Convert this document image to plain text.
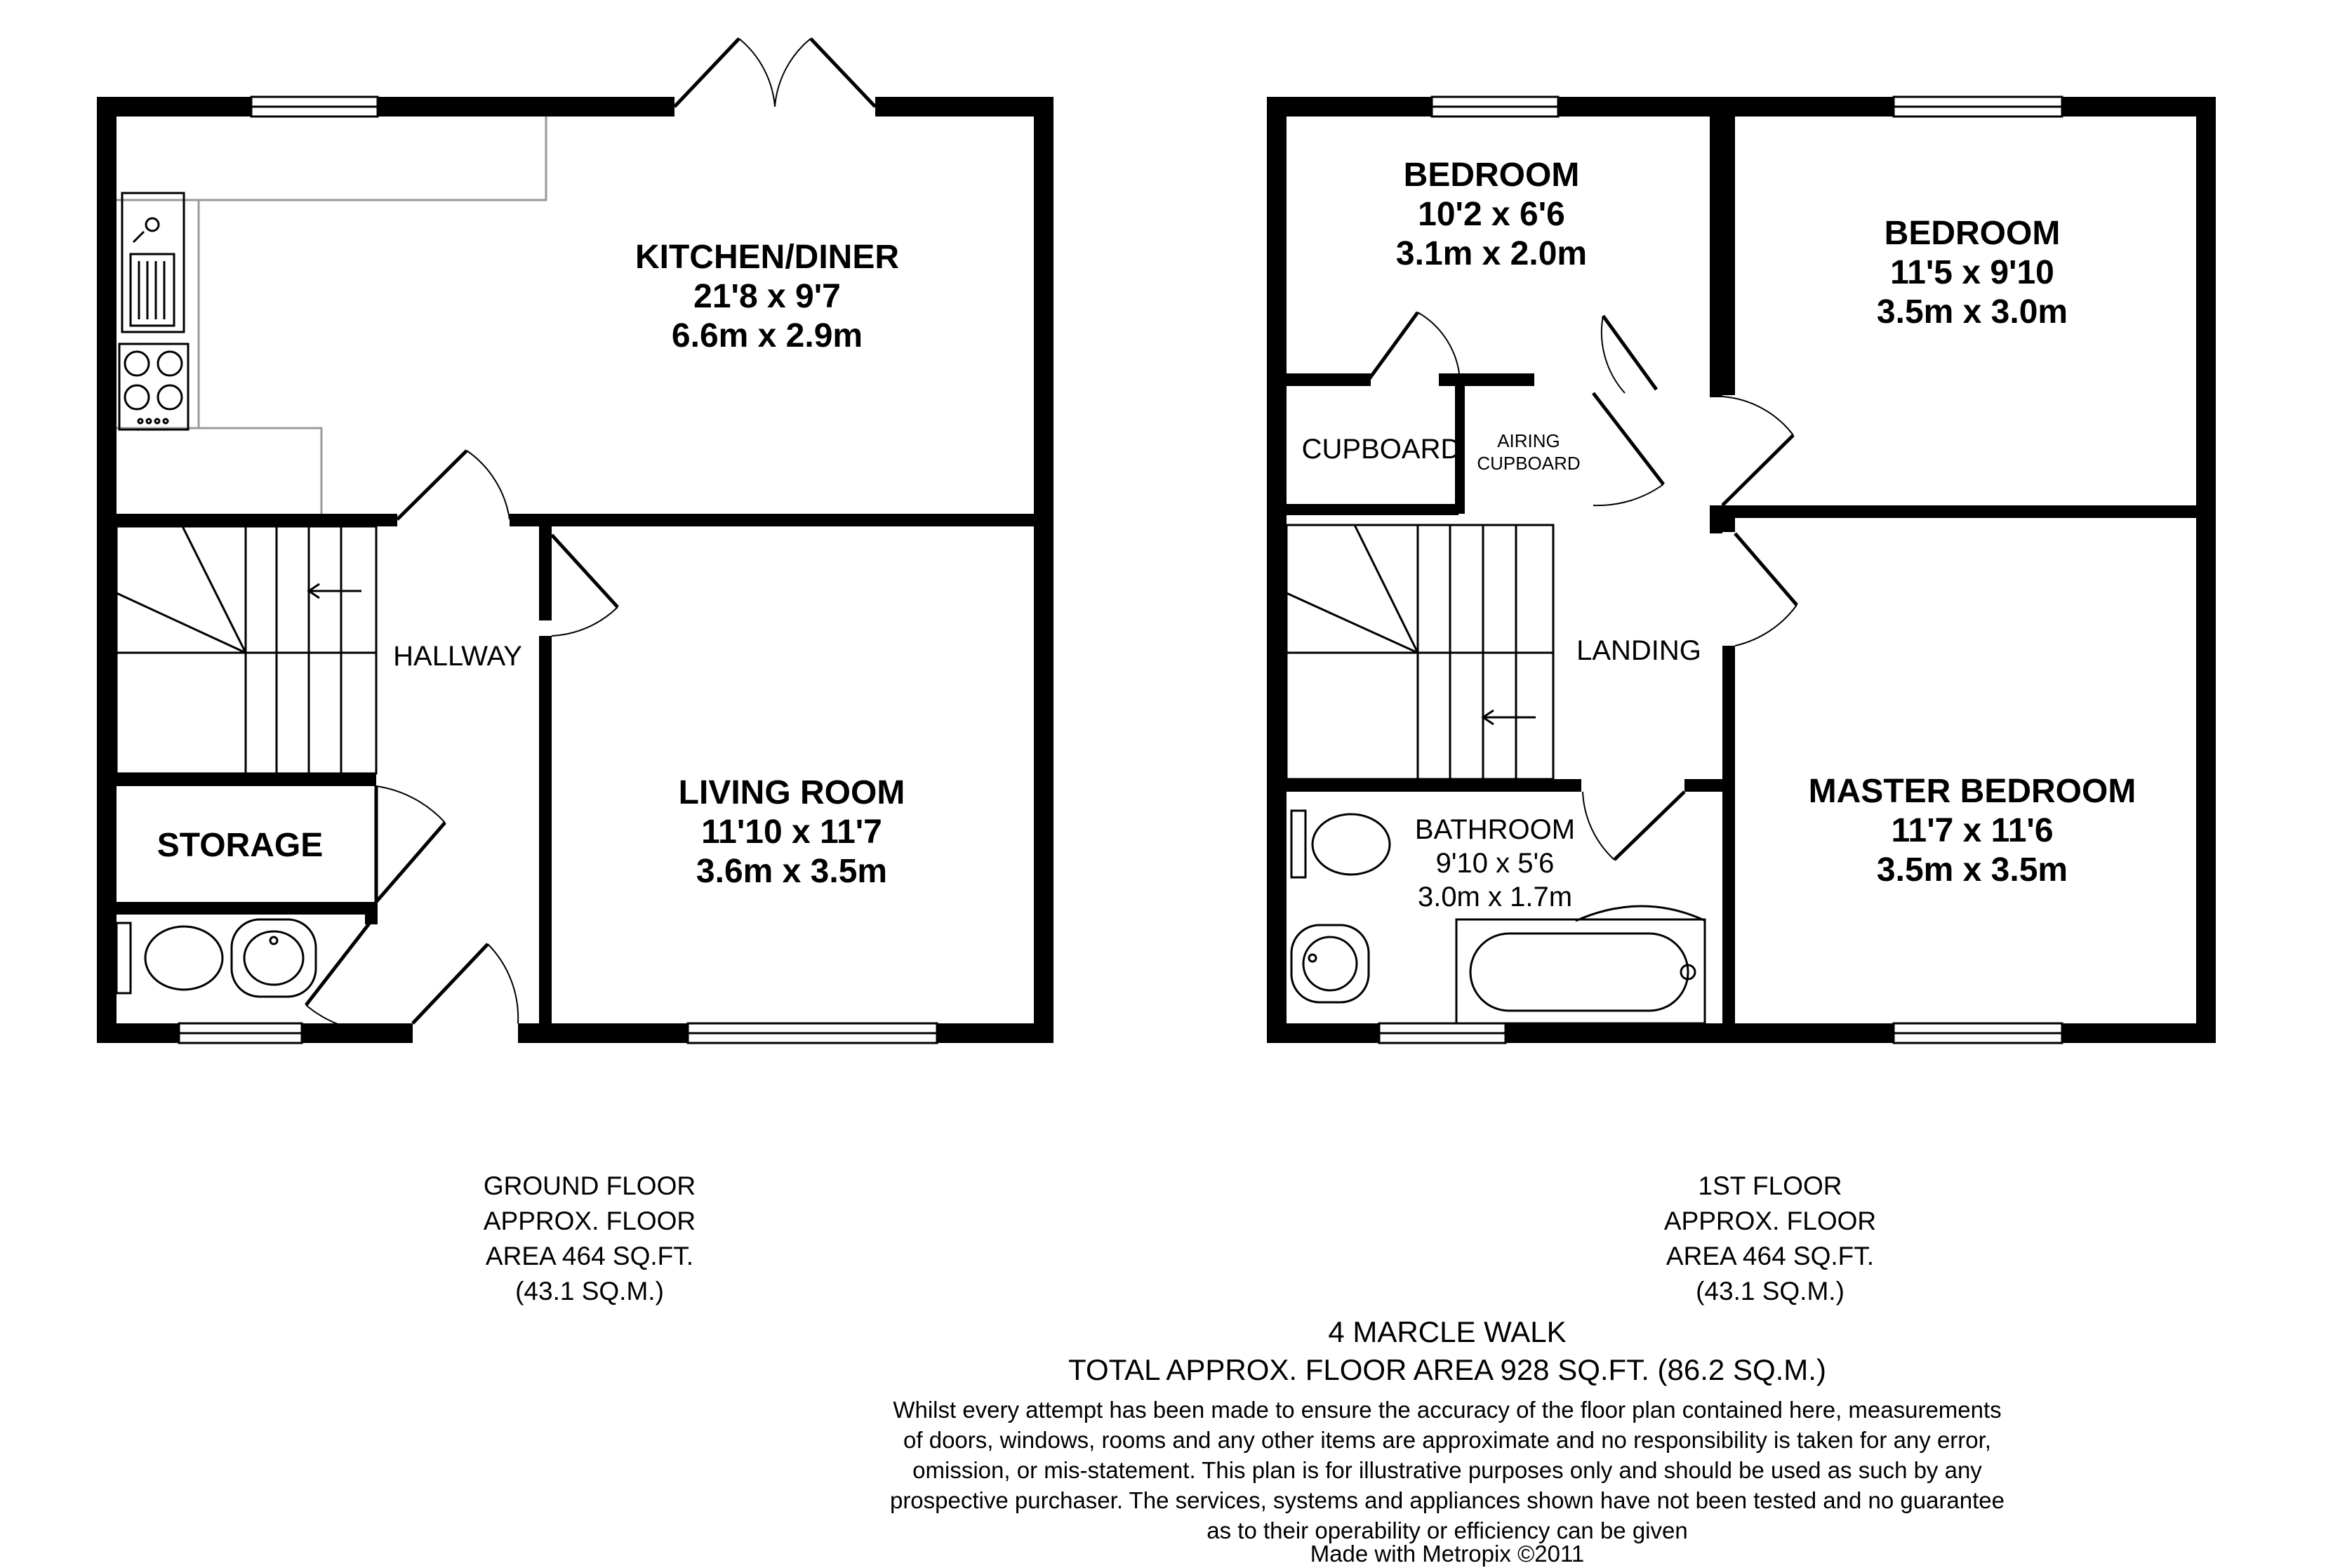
KITCHEN/DINER
21'8 x 9'7
6.6m x 2.9m
LIVING ROOM
11'10 x 11'7
3.6m x 3.5m
HALLWAY
STORAGE
BEDROOM
10'2 x 6'6
3.1m x 2.0m
BEDROOM
11'5 x 9'10
3.5m x 3.0m
MASTER BEDROOM
11'7 x 11'6
3.5m x 3.5m
BATHROOM
9'10 x 5'6
3.0m x 1.7m
CUPBOARD AIRING
CUPBOARD
LANDING
GROUND FLOOR
APPROX. FLOOR
AREA 464 SQ.FT.
(43.1 SQ.M.)
1ST FLOOR
APPROX. FLOOR
AREA 464 SQ.FT.
(43.1 SQ.M.)
4 MARCLE WALK
TOTAL APPROX. FLOOR AREA 928 SQ.FT. (86.2 SQ.M.)
Whilst every attempt has been made to ensure the accuracy of the floor plan contained here, measurements
of doors, windows, rooms and any other items are approximate and no responsibility is taken for any error,
omission, or mis-statement. This plan is for illustrative purposes only and should be used as such by any
prospective purchaser. The services, systems and appliances shown have not been tested and no guarantee
as to their operability or efficiency can be given
Made with Metropix ©2011
